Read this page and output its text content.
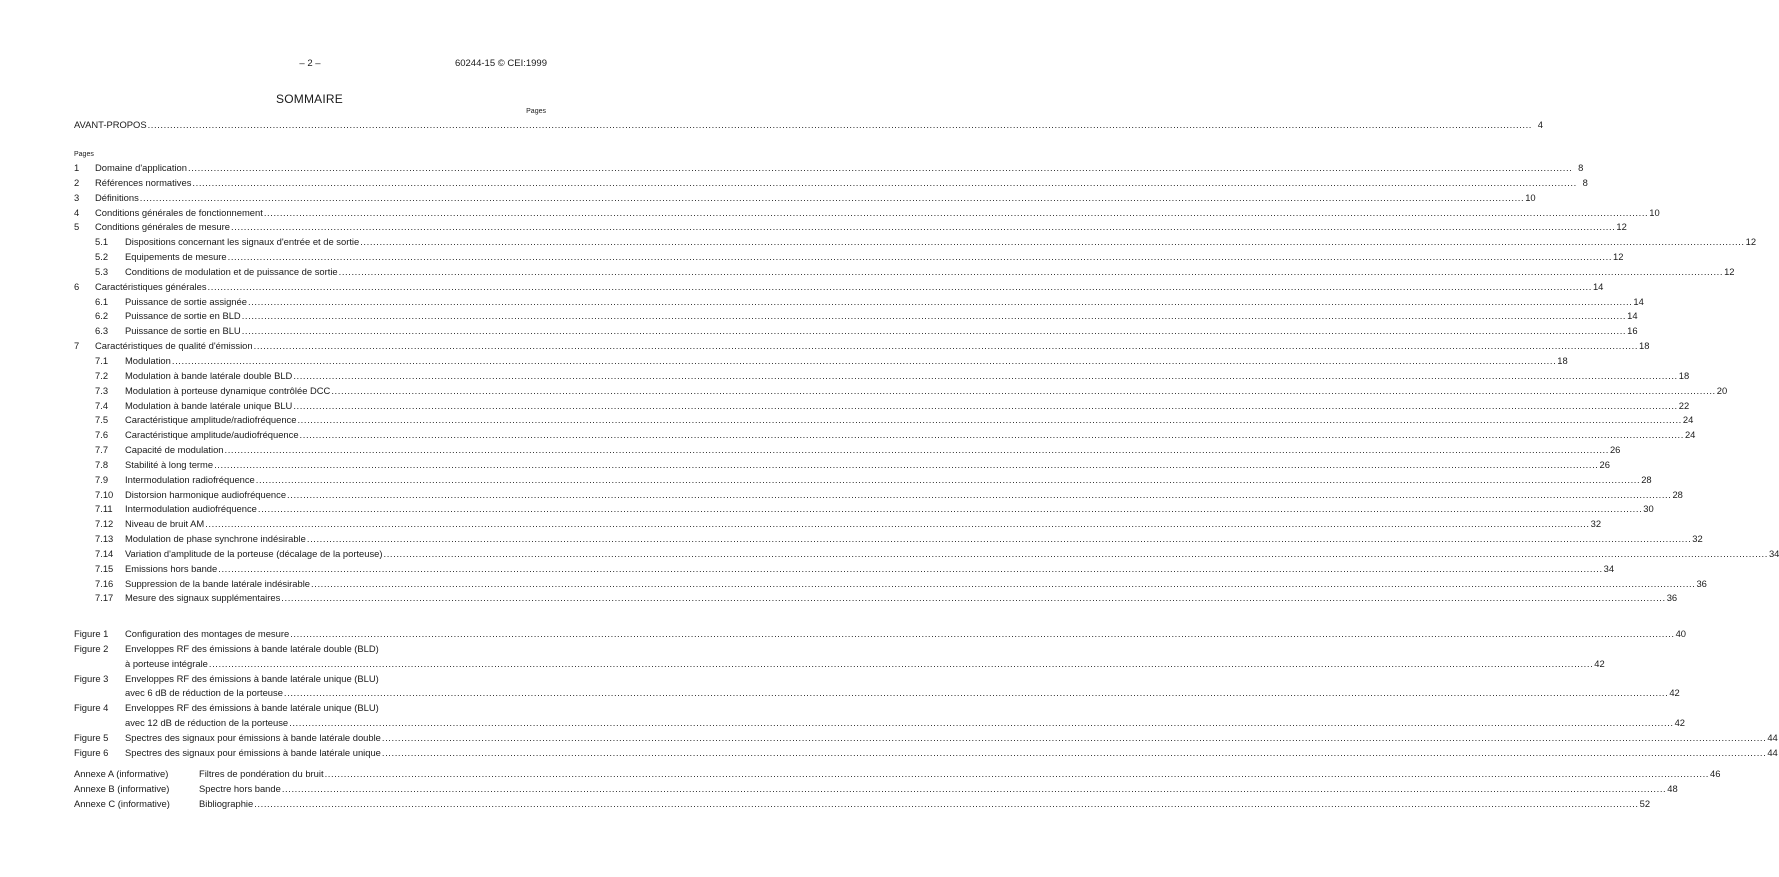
– 2 –	60244-15 © CEI:1999
SOMMAIRE
Pages
AVANT-PROPOS .....	4
Pages
1	Domaine d'application .....	8
2	Références normatives .....	8
3	Définitions .....	10
4	Conditions générales de fonctionnement .....	10
5	Conditions générales de mesure .....	12
5.1	Dispositions concernant les signaux d'entrée et de sortie .....	12
5.2	Equipements de mesure .....	12
5.3	Conditions de modulation et de puissance de sortie .....	12
6	Caractéristiques générales .....	14
6.1	Puissance de sortie assignée .....	14
6.2	Puissance de sortie en BLD .....	14
6.3	Puissance de sortie en BLU .....	16
7	Caractéristiques de qualité d'émission .....	18
7.1	Modulation .....	18
7.2	Modulation à bande latérale double BLD .....	18
7.3	Modulation à porteuse dynamique contrôlée DCC .....	20
7.4	Modulation à bande latérale unique BLU .....	22
7.5	Caractéristique amplitude/radiofréquence .....	24
7.6	Caractéristique amplitude/audiofréquence .....	24
7.7	Capacité de modulation .....	26
7.8	Stabilité à long terme .....	26
7.9	Intermodulation radiofréquence .....	28
7.10	Distorsion harmonique audiofréquence .....	28
7.11	Intermodulation audiofréquence .....	30
7.12	Niveau de bruit AM .....	32
7.13	Modulation de phase synchrone indésirable .....	32
7.14	Variation d'amplitude de la porteuse (décalage de la porteuse) .....	34
7.15	Emissions hors bande .....	34
7.16	Suppression de la bande latérale indésirable .....	36
7.17	Mesure des signaux supplémentaires .....	36
Figure 1	Configuration des montages de mesure .....	40
Figure 2	Enveloppes RF des émissions à bande latérale double (BLD)
à porteuse intégrale .....	42
Figure 3	Enveloppes RF des émissions à bande latérale unique (BLU)
avec 6 dB de réduction de la porteuse .....	42
Figure 4	Enveloppes RF des émissions à bande latérale unique (BLU)
avec 12 dB de réduction de la porteuse .....	42
Figure 5	Spectres des signaux pour émissions à bande latérale double .....	44
Figure 6	Spectres des signaux pour émissions à bande latérale unique .....	44
Annexe A (informative)	Filtres de pondération du bruit .....	46
Annexe B (informative)	Spectre hors bande .....	48
Annexe C (informative)	Bibliographie .....	52
